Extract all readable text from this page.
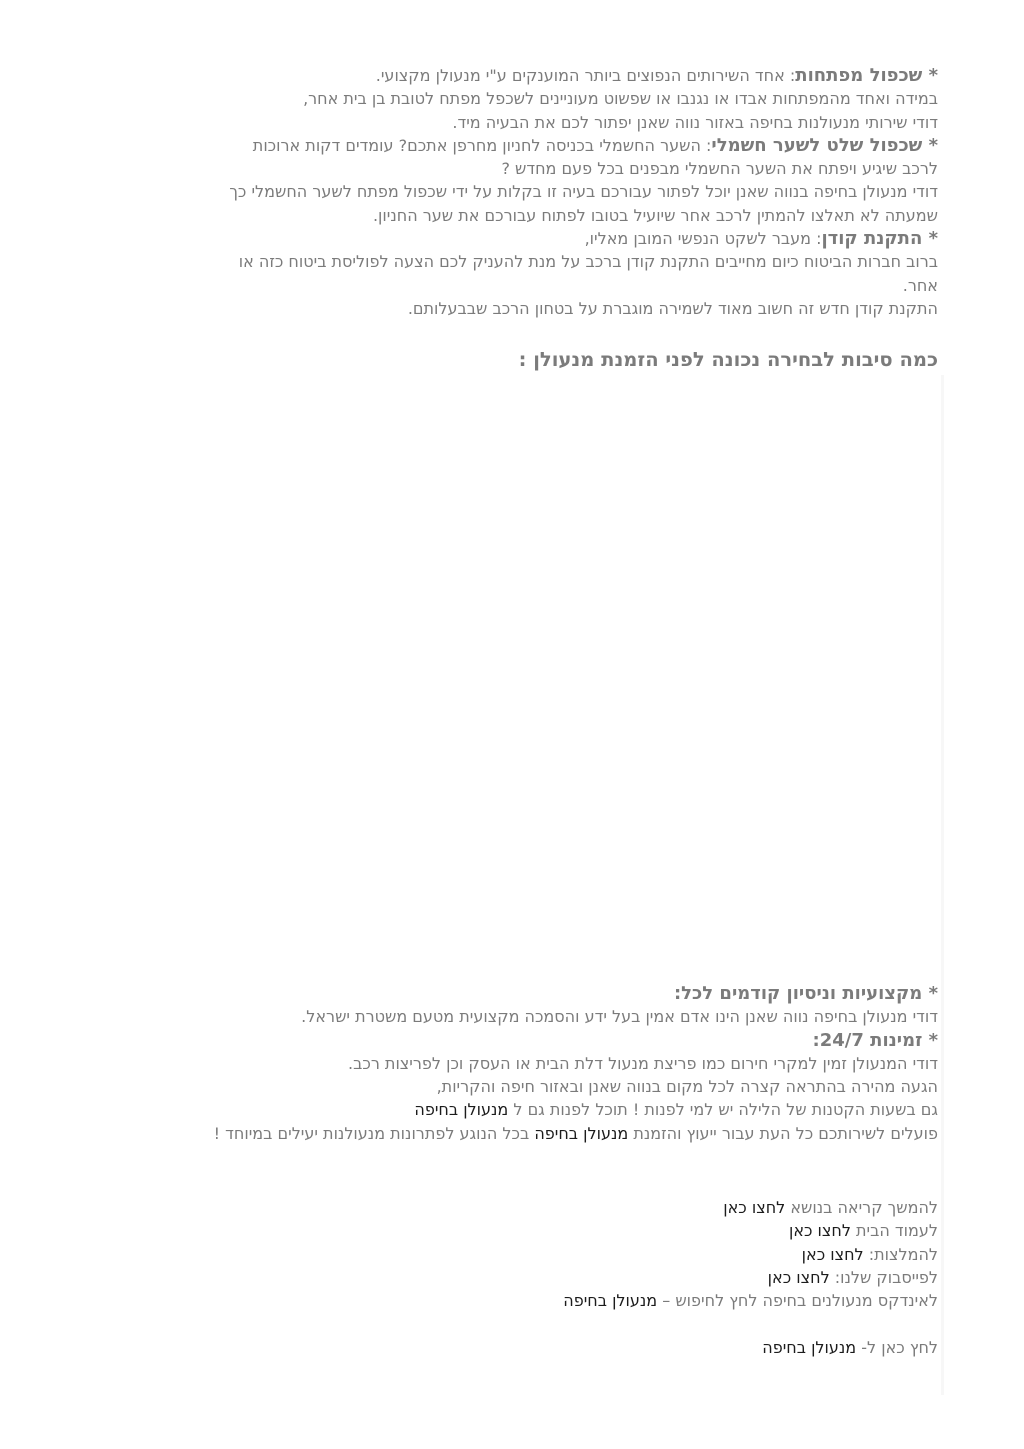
* שכפול מפתחות: אחד השירותים הנפוצים ביותר המוענקים ע"י מנעולן מקצועי.
במידה ואחד מהמפתחות אבדו או נגנבו או שפשוט מעוניינים לשכפל מפתח לטובת בן בית אחר,
דודי שירותי מנעולנות בחיפה באזור נווה שאנן יפתור לכם את הבעיה מיד.
* שכפול שלט לשער חשמלי: השער החשמלי בכניסה לחניון מחרפן אתכם? עומדים דקות ארוכות
לרכב שיגיע ויפתח את השער החשמלי מבפנים בכל פעם מחדש ?
דודי מנעולן בחיפה בנווה שאנן יוכל לפתור עבורכם בעיה זו בקלות על ידי שכפול מפתח לשער החשמלי כך
שמעתה לא תאלצו להמתין לרכב אחר שיועיל בטובו לפתוח עבורכם את שער החניון.
* התקנת קודן: מעבר לשקט הנפשי המובן מאליו,
ברוב חברות הביטוח כיום מחייבים התקנת קודן ברכב על מנת להעניק לכם הצעה לפוליסת ביטוח כזה או
אחר.
התקנת קודן חדש זה חשוב מאוד לשמירה מוגברת על בטחון הרכב שבבעלותם.
כמה סיבות לבחירה נכונה לפני הזמנת מנעולן :
* מקצועיות וניסיון קודמים לכל:
דודי מנעולן בחיפה נווה שאנן הינו אדם אמין בעל ידע והסמכה מקצועית מטעם משטרת ישראל.
* זמינות 24/7:
דודי המנעולן זמין למקרי חירום כמו פריצת מנעול דלת הבית או העסק וכן לפריצות רכב.
הגעה מהירה בהתראה קצרה לכל מקום בנווה שאנן ובאזור חיפה והקריות,
גם בשעות הקטנות של הלילה יש למי לפנות ! תוכל לפנות גם ל מנעולן בחיפה
פועלים לשירותכם כל העת עבור ייעוץ והזמנת מנעולן בחיפה בכל הנוגע לפתרונות מנעולנות יעילים במיוחד !
להמשך קריאה בנושא לחצו כאן
לעמוד הבית לחצו כאן
להמלצות: לחצו כאן
לפייסבוק שלנו: לחצו כאן
לאינדקס מנעולנים בחיפה לחץ לחיפוש – מנעולן בחיפה
לחץ כאן ל- מנעולן בחיפה
